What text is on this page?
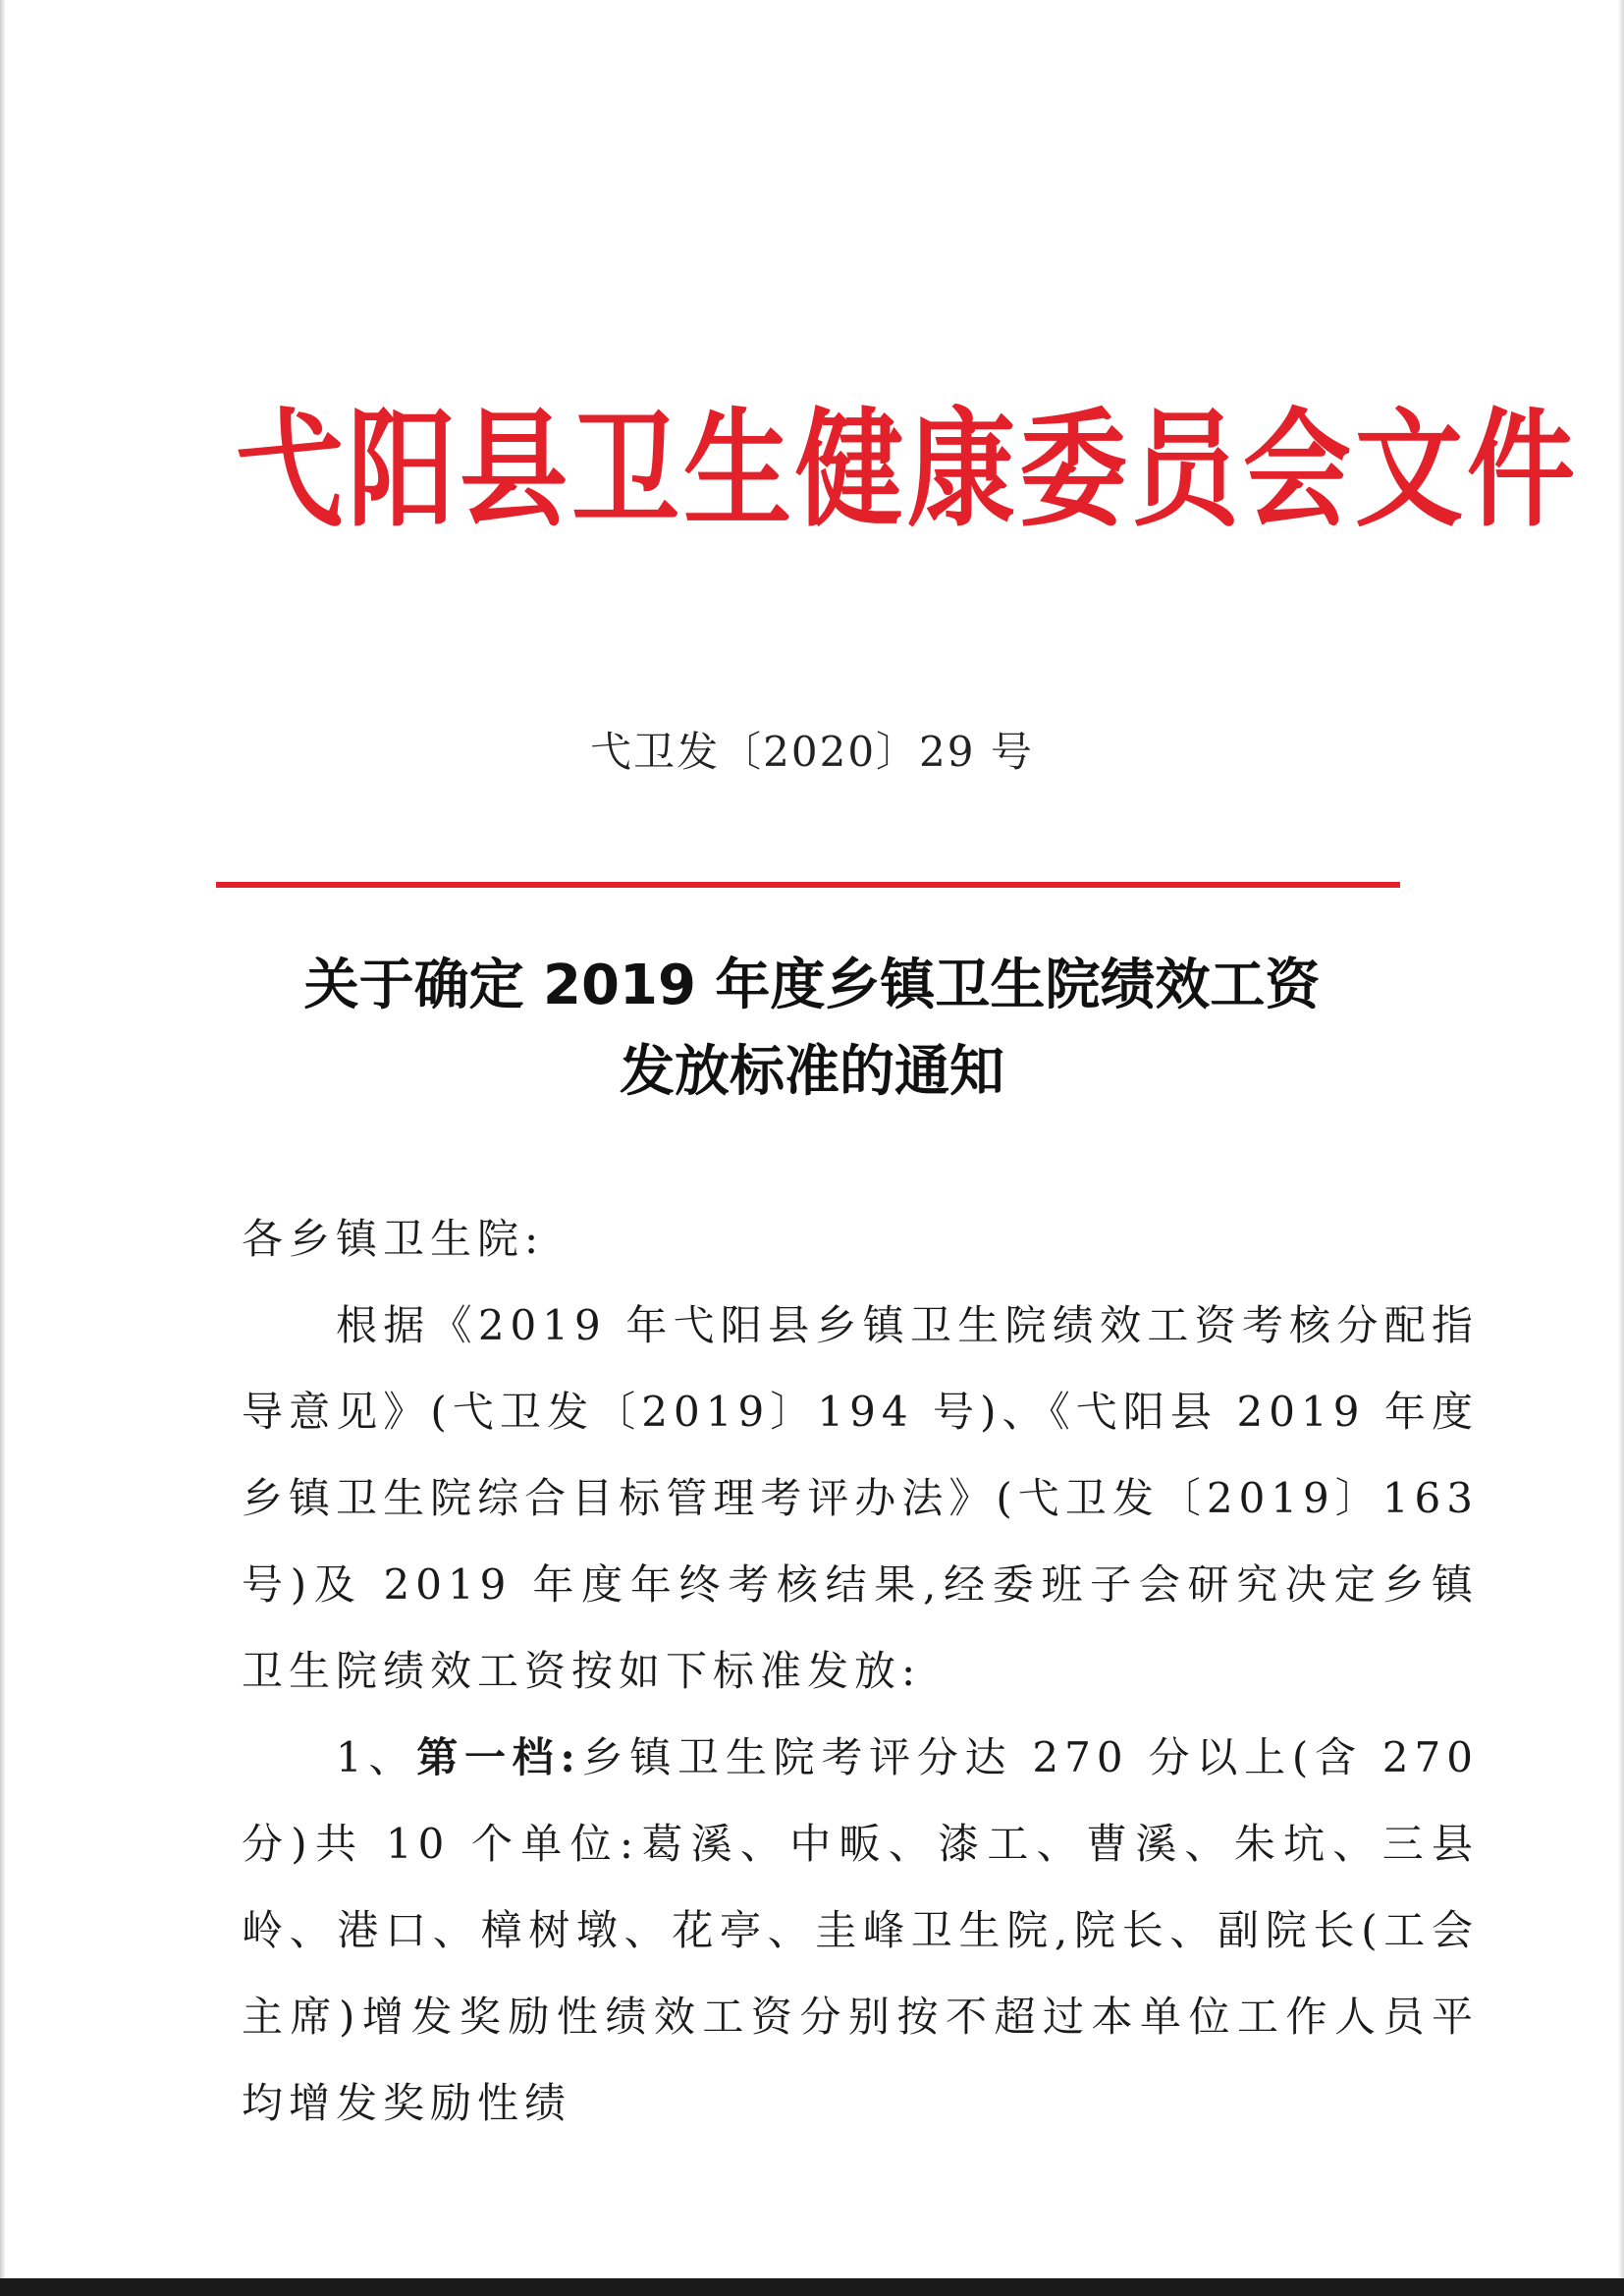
弋阳县卫生健康委员会文件
弋卫发〔2020〕29 号
关于确定 2019 年度乡镇卫生院绩效工资
发放标准的通知

各乡镇卫生院:

根据《2019 年弋阳县乡镇卫生院绩效工资考核分配指导意见》(弋卫发〔2019〕194 号)、《弋阳县 2019 年度乡镇卫生院综合目标管理考评办法》(弋卫发〔2019〕163 号)及 2019 年度年终考核结果,经委班子会研究决定乡镇卫生院绩效工资按如下标准发放:

1、第一档:乡镇卫生院考评分达 270 分以上(含 270 分)共 10 个单位:葛溪、中畈、漆工、曹溪、朱坑、三县岭、港口、樟树墩、花亭、圭峰卫生院,院长、副院长(工会主席)增发奖励性绩效工资分别按不超过本单位工作人员平均增发奖励性绩
